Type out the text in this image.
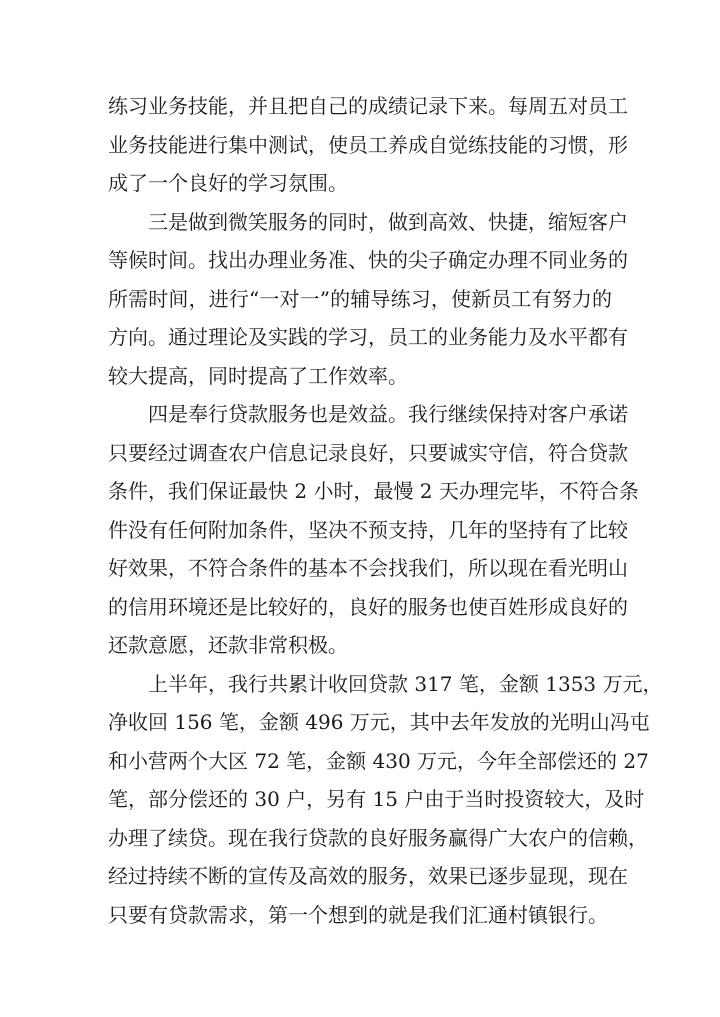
练习业务技能，并且把自己的成绩记录下来。每周五对员工
业务技能进行集中测试，使员工养成自觉练技能的习惯，形
成了一个良好的学习氛围。
三是做到微笑服务的同时，做到高效、快捷，缩短客户
等候时间。找出办理业务准、快的尖子确定办理不同业务的
所需时间，进行“一对一”的辅导练习，使新员工有努力的
方向。通过理论及实践的学习，员工的业务能力及水平都有
较大提高，同时提高了工作效率。
四是奉行贷款服务也是效益。我行继续保持对客户承诺
只要经过调查农户信息记录良好，只要诚实守信，符合贷款
条件，我们保证最快 2 小时，最慢 2 天办理完毕，不符合条
件没有任何附加条件，坚决不预支持，几年的坚持有了比较
好效果，不符合条件的基本不会找我们，所以现在看光明山
的信用环境还是比较好的，良好的服务也使百姓形成良好的
还款意愿，还款非常积极。
上半年，我行共累计收回贷款 317 笔，金额 1353 万元，
净收回 156 笔，金额 496 万元，其中去年发放的光明山冯屯
和小营两个大区 72 笔，金额 430 万元，今年全部偿还的 27
笔，部分偿还的 30 户，另有 15 户由于当时投资较大，及时
办理了续贷。现在我行贷款的良好服务赢得广大农户的信赖，
经过持续不断的宣传及高效的服务，效果已逐步显现，现在
只要有贷款需求，第一个想到的就是我们汇通村镇银行。
